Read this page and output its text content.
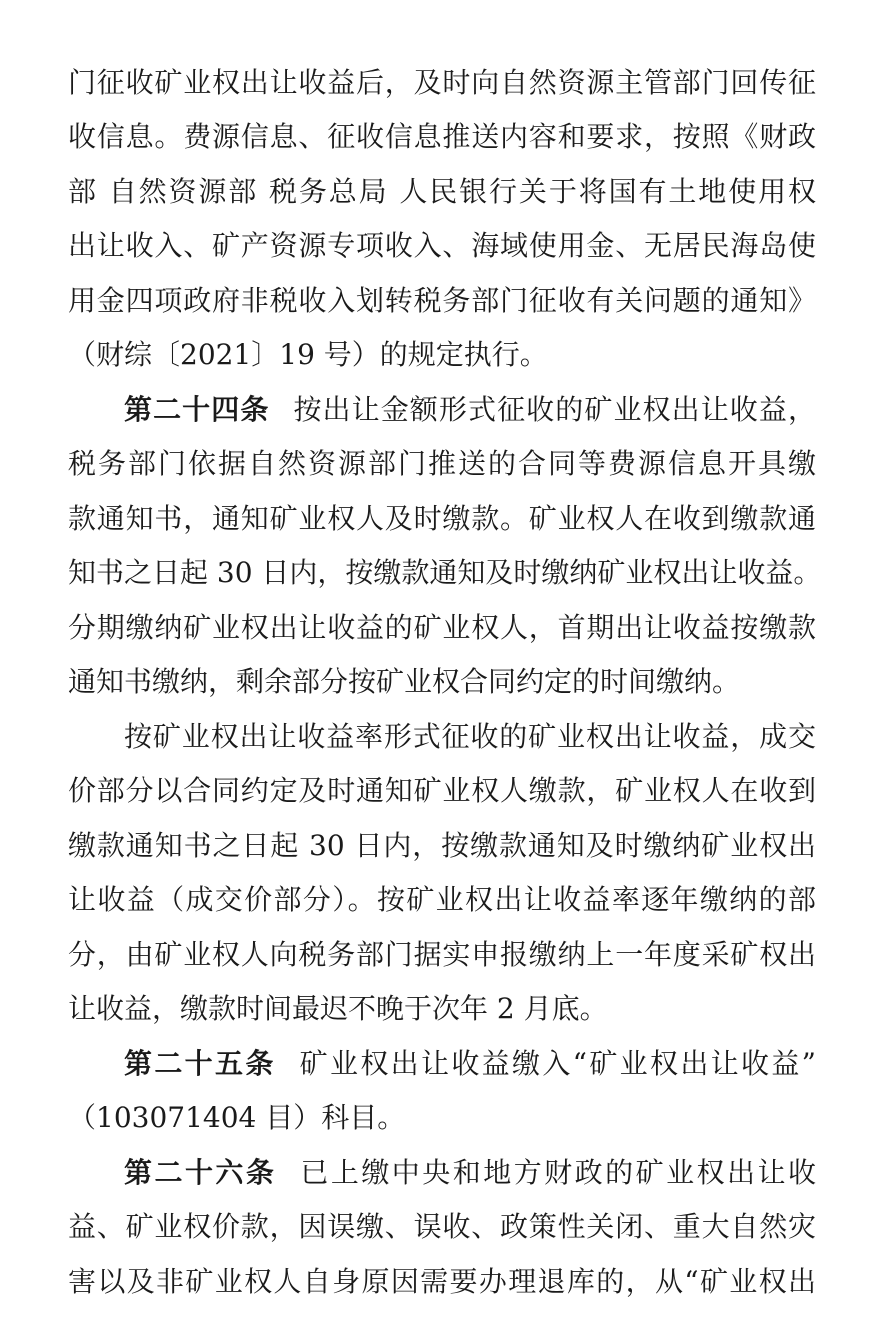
门征收矿业权出让收益后，及时向自然资源主管部门回传征
收信息。费源信息、征收信息推送内容和要求，按照《财政
部 自然资源部 税务总局 人民银行关于将国有土地使用权
出让收入、矿产资源专项收入、海域使用金、无居民海岛使
用金四项政府非税收入划转税务部门征收有关问题的通知》
（财综〔2021〕19 号）的规定执行。
第二十四条 按出让金额形式征收的矿业权出让收益，
税务部门依据自然资源部门推送的合同等费源信息开具缴
款通知书，通知矿业权人及时缴款。矿业权人在收到缴款通
知书之日起 30 日内，按缴款通知及时缴纳矿业权出让收益。
分期缴纳矿业权出让收益的矿业权人，首期出让收益按缴款
通知书缴纳，剩余部分按矿业权合同约定的时间缴纳。
按矿业权出让收益率形式征收的矿业权出让收益，成交
价部分以合同约定及时通知矿业权人缴款，矿业权人在收到
缴款通知书之日起 30 日内，按缴款通知及时缴纳矿业权出
让收益（成交价部分）。按矿业权出让收益率逐年缴纳的部
分，由矿业权人向税务部门据实申报缴纳上一年度采矿权出
让收益，缴款时间最迟不晚于次年 2 月底。
第二十五条 矿业权出让收益缴入“矿业权出让收益”
（103071404 目）科目。
第二十六条 已上缴中央和地方财政的矿业权出让收
益、矿业权价款，因误缴、误收、政策性关闭、重大自然灾
害以及非矿业权人自身原因需要办理退库的，从“矿业权出
